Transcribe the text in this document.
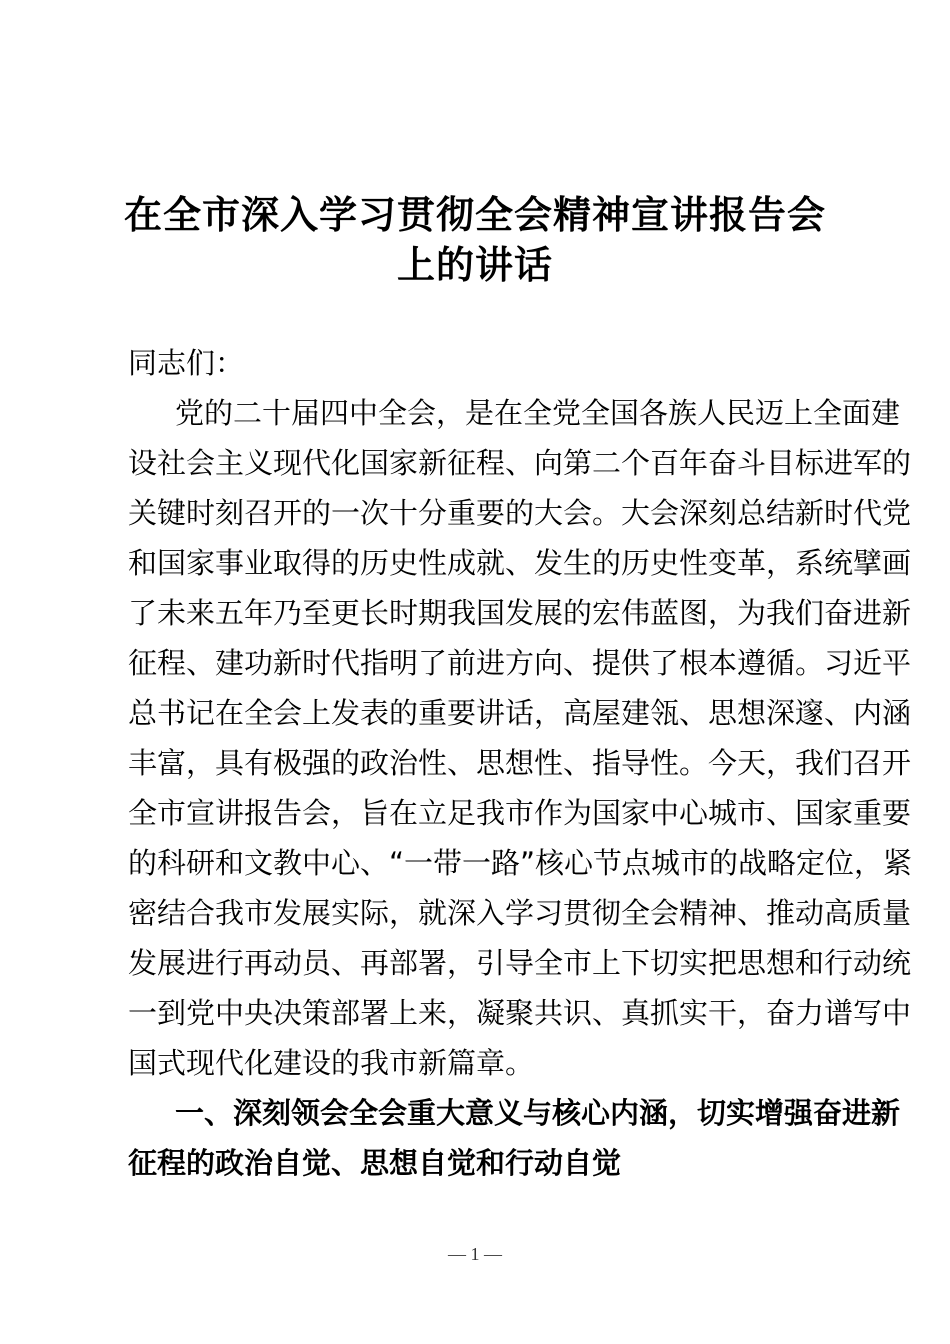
在全市深入学习贯彻全会精神宣讲报告会
上的讲话
同志们：
党的二十届四中全会，是在全党全国各族人民迈上全面建
设社会主义现代化国家新征程、向第二个百年奋斗目标进军的
关键时刻召开的一次十分重要的大会。大会深刻总结新时代党
和国家事业取得的历史性成就、发生的历史性变革，系统擘画
了未来五年乃至更长时期我国发展的宏伟蓝图，为我们奋进新
征程、建功新时代指明了前进方向、提供了根本遵循。习近平
总书记在全会上发表的重要讲话，高屋建瓴、思想深邃、内涵
丰富，具有极强的政治性、思想性、指导性。今天，我们召开
全市宣讲报告会，旨在立足我市作为国家中心城市、国家重要
的科研和文教中心、“一带一路”核心节点城市的战略定位，紧
密结合我市发展实际，就深入学习贯彻全会精神、推动高质量
发展进行再动员、再部署，引导全市上下切实把思想和行动统
一到党中央决策部署上来，凝聚共识、真抓实干，奋力谱写中
国式现代化建设的我市新篇章。
一、深刻领会全会重大意义与核心内涵，切实增强奋进新
征程的政治自觉、思想自觉和行动自觉
— 1 —
